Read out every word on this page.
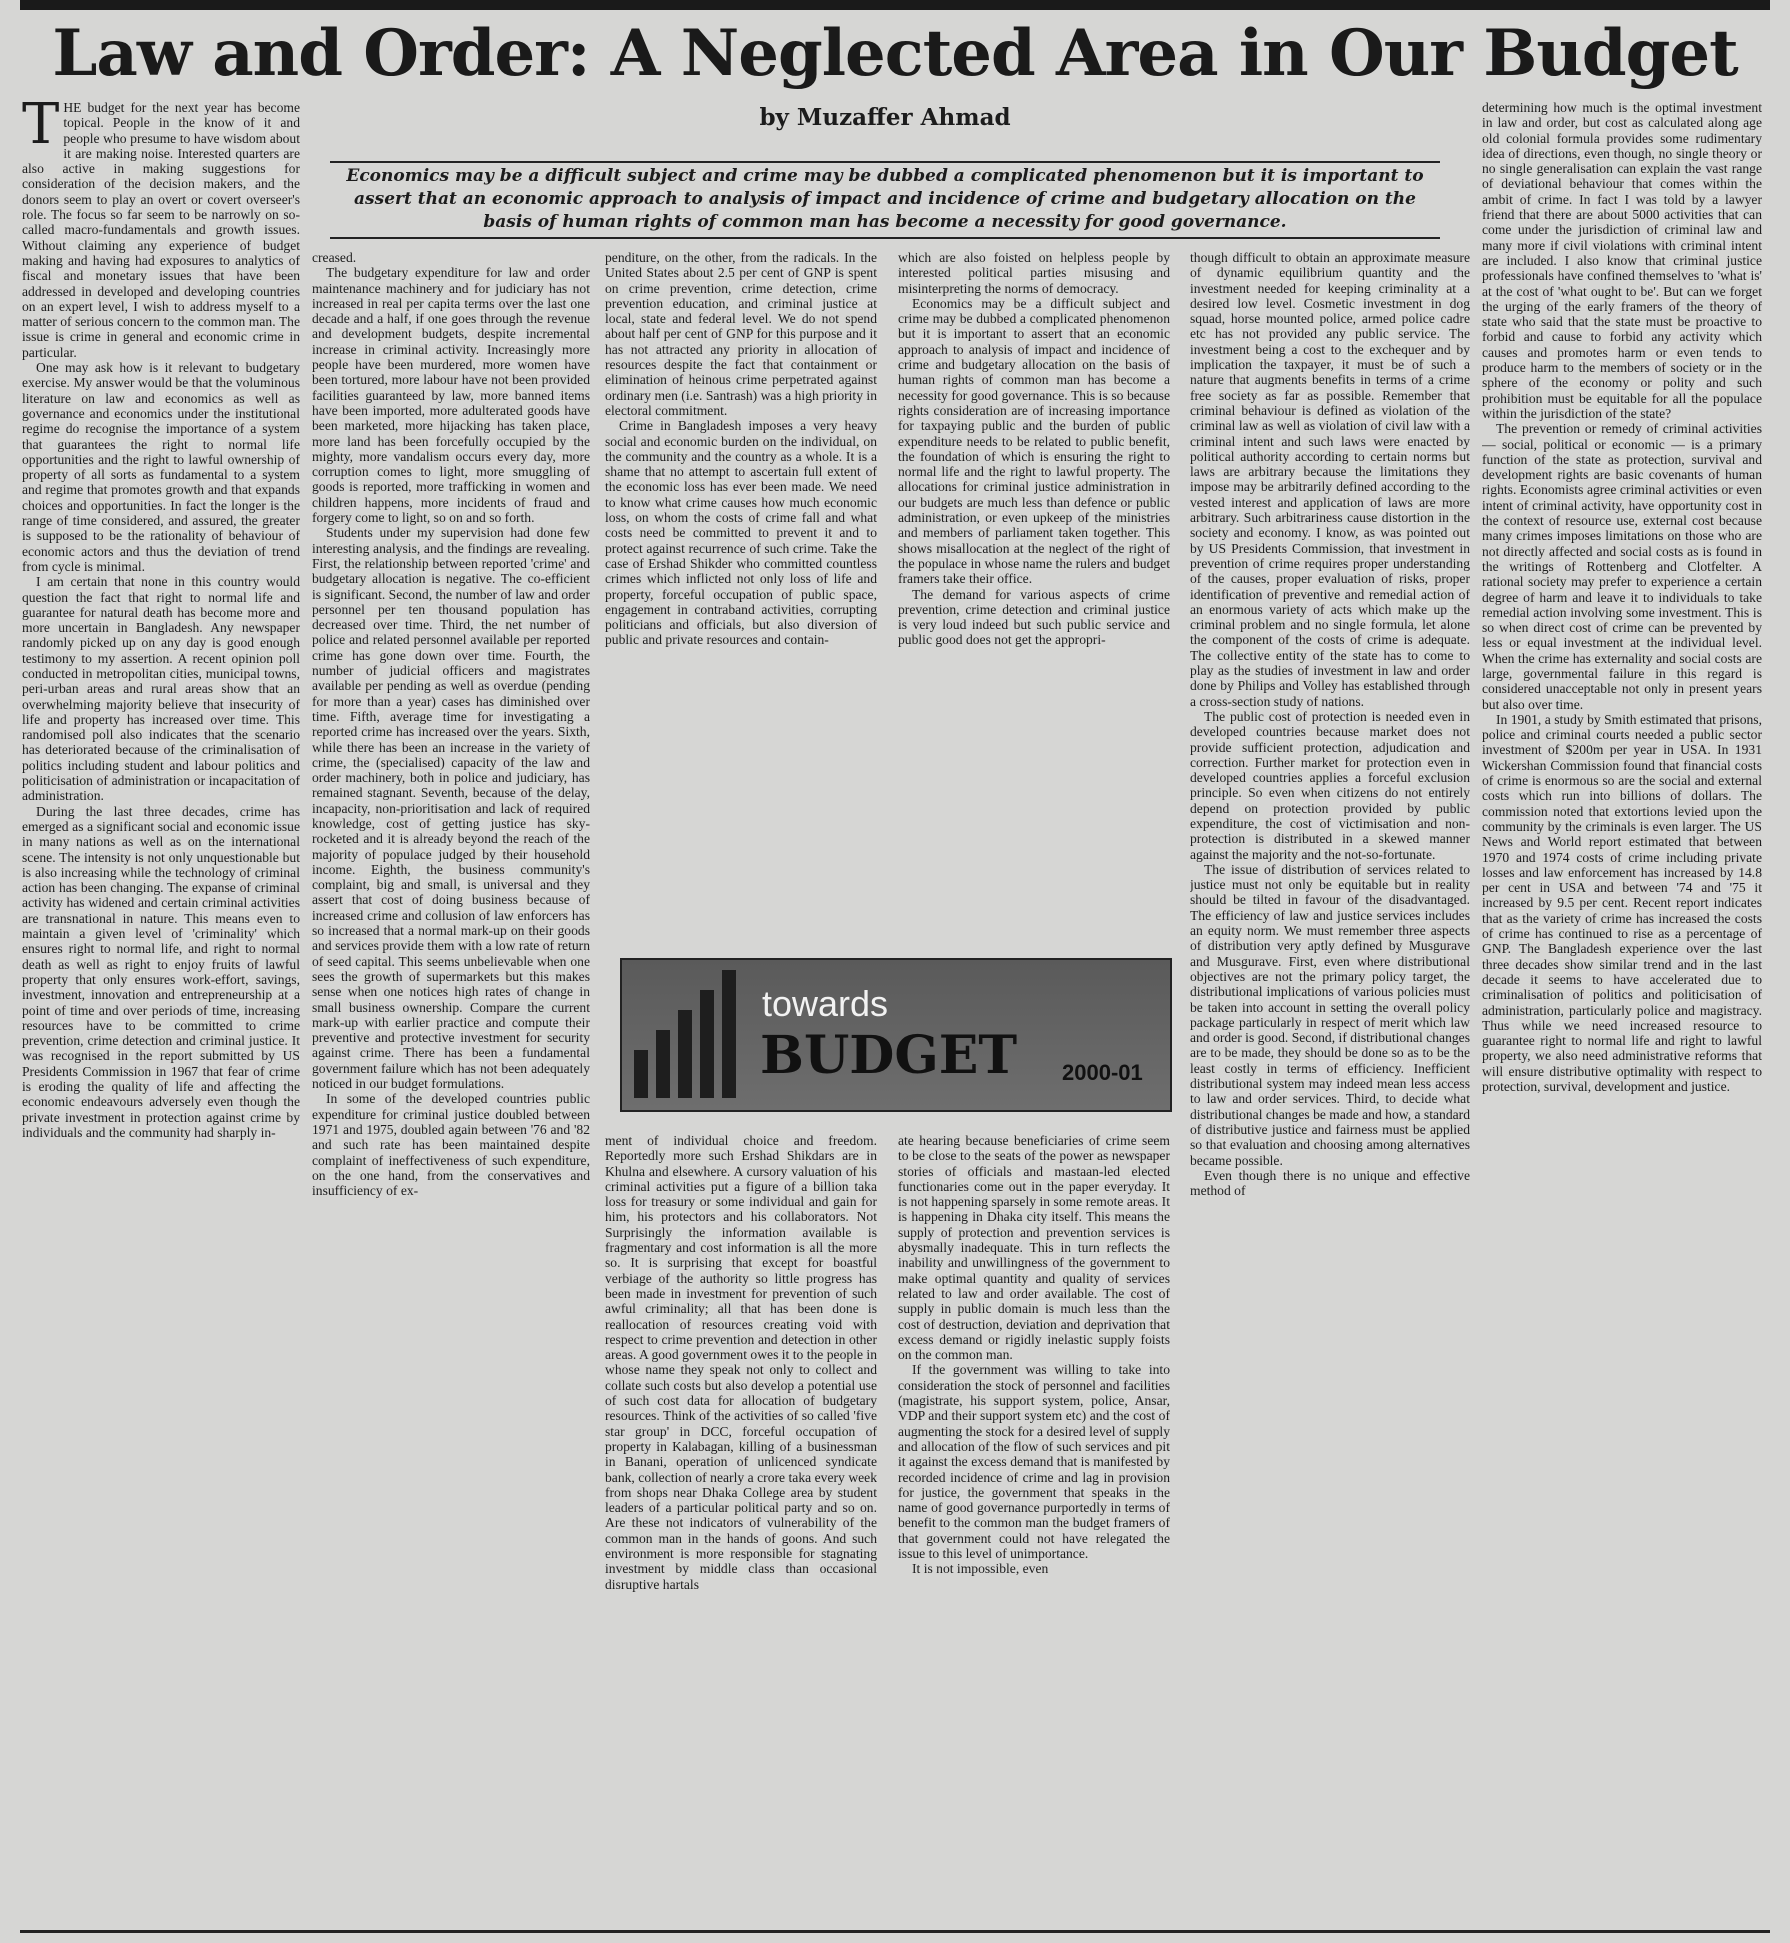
Law and Order: A Neglected Area in Our Budget

by Muzaffer Ahmad

Economics may be a difficult subject and crime may be dubbed a complicated phenomenon but it is important to assert that an economic approach to analysis of impact and incidence of crime and budgetary allocation on the basis of human rights of common man has become a necessity for good governance.

T HE budget for the next year has become topical. People in the know of it and people who presume to have wisdom about it are making noise. Interested quarters are also active in making suggestions for consideration of the decision makers, and the donors seem to play an overt or covert overseer's role. The focus so far seem to be narrowly on so-called macro-fundamentals and growth issues. Without claiming any experience of budget making and having had exposures to analytics of fiscal and monetary issues that have been addressed in developed and developing countries on an expert level, I wish to address myself to a matter of serious concern to the common man. The issue is crime in general and economic crime in particular.

One may ask how is it relevant to budgetary exercise. My answer would be that the voluminous literature on law and economics as well as governance and economics under the institutional regime do recognise the importance of a system that guarantees the right to normal life opportunities and the right to lawful ownership of property of all sorts as fundamental to a system and regime that promotes growth and that expands choices and opportunities. In fact the longer is the range of time considered, and assured, the greater is supposed to be the rationality of behaviour of economic actors and thus the deviation of trend from cycle is minimal.

I am certain that none in this country would question the fact that right to normal life and guarantee for natural death has become more and more uncertain in Bangladesh. Any newspaper randomly picked up on any day is good enough testimony to my assertion. A recent opinion poll conducted in metropolitan cities, municipal towns, peri-urban areas and rural areas show that an overwhelming majority believe that insecurity of life and property has increased over time. This randomised poll also indicates that the scenario has deteriorated because of the criminalisation of politics including student and labour politics and politicisation of administration or incapacitation of administration.

During the last three decades, crime has emerged as a significant social and economic issue in many nations as well as on the international scene. The intensity is not only unquestionable but is also increasing while the technology of criminal action has been changing. The expanse of criminal activity has widened and certain criminal activities are transnational in nature. This means even to maintain a given level of 'criminality' which ensures right to normal life, and right to normal death as well as right to enjoy fruits of lawful property that only ensures work-effort, savings, investment, innovation and entrepreneurship at a point of time and over periods of time, increasing resources have to be committed to crime prevention, crime detection and criminal justice. It was recognised in the report submitted by US Presidents Commission in 1967 that fear of crime is eroding the quality of life and affecting the economic endeavours adversely even though the private investment in protection against crime by individuals and the community had sharply in-

creased.

The budgetary expenditure for law and order maintenance machinery and for judiciary has not increased in real per capita terms over the last one decade and a half, if one goes through the revenue and development budgets, despite incremental increase in criminal activity. Increasingly more people have been murdered, more women have been tortured, more labour have not been provided facilities guaranteed by law, more banned items have been imported, more adulterated goods have been marketed, more hijacking has taken place, more land has been forcefully occupied by the mighty, more vandalism occurs every day, more corruption comes to light, more smuggling of goods is reported, more trafficking in women and children happens, more incidents of fraud and forgery come to light, so on and so forth.

Students under my supervision had done few interesting analysis, and the findings are revealing. First, the relationship between reported 'crime' and budgetary allocation is negative. The co-efficient is significant. Second, the number of law and order personnel per ten thousand population has decreased over time. Third, the net number of police and related personnel available per reported crime has gone down over time. Fourth, the number of judicial officers and magistrates available per pending as well as overdue (pending for more than a year) cases has diminished over time. Fifth, average time for investigating a reported crime has increased over the years. Sixth, while there has been an increase in the variety of crime, the (specialised) capacity of the law and order machinery, both in police and judiciary, has remained stagnant. Seventh, because of the delay, incapacity, non-prioritisation and lack of required knowledge, cost of getting justice has sky-rocketed and it is already beyond the reach of the majority of populace judged by their household income. Eighth, the business community's complaint, big and small, is universal and they assert that cost of doing business because of increased crime and collusion of law enforcers has so increased that a normal mark-up on their goods and services provide them with a low rate of return of seed capital. This seems unbelievable when one sees the growth of supermarkets but this makes sense when one notices high rates of change in small business ownership. Compare the current mark-up with earlier practice and compute their preventive and protective investment for security against crime. There has been a fundamental government failure which has not been adequately noticed in our budget formulations.

In some of the developed countries public expenditure for criminal justice doubled between 1971 and 1975, doubled again between '76 and '82 and such rate has been maintained despite complaint of ineffectiveness of such expenditure, on the one hand, from the conservatives and insufficiency of ex-

penditure, on the other, from the radicals. In the United States about 2.5 per cent of GNP is spent on crime prevention, crime detection, crime prevention education, and criminal justice at local, state and federal level. We do not spend about half per cent of GNP for this purpose and it has not attracted any priority in allocation of resources despite the fact that containment or elimination of heinous crime perpetrated against ordinary men (i.e. Santrash) was a high priority in electoral commitment.

Crime in Bangladesh imposes a very heavy social and economic burden on the individual, on the community and the country as a whole. It is a shame that no attempt to ascertain full extent of the economic loss has ever been made. We need to know what crime causes how much economic loss, on whom the costs of crime fall and what costs need be committed to prevent it and to protect against recurrence of such crime. Take the case of Ershad Shikder who committed countless crimes which inflicted not only loss of life and property, forceful occupation of public space, engagement in contraband activities, corrupting politicians and officials, but also diversion of public and private resources and contain-

which are also foisted on helpless people by interested political parties misusing and misinterpreting the norms of democracy.

Economics may be a difficult subject and crime may be dubbed a complicated phenomenon but it is important to assert that an economic approach to analysis of impact and incidence of crime and budgetary allocation on the basis of human rights of common man has become a necessity for good governance. This is so because rights consideration are of increasing importance for taxpaying public and the burden of public expenditure needs to be related to public benefit, the foundation of which is ensuring the right to normal life and the right to lawful property. The allocations for criminal justice administration in our budgets are much less than defence or public administration, or even upkeep of the ministries and members of parliament taken together. This shows misallocation at the neglect of the right of the populace in whose name the rulers and budget framers take their office.

The demand for various aspects of crime prevention, crime detection and criminal justice is very loud indeed but such public service and public good does not get the appropri-

towards

BUDGET 2000-01

ment of individual choice and freedom. Reportedly more such Ershad Shikdars are in Khulna and elsewhere. A cursory valuation of his criminal activities put a figure of a billion taka loss for treasury or some individual and gain for him, his protectors and his collaborators. Not Surprisingly the information available is fragmentary and cost information is all the more so. It is surprising that except for boastful verbiage of the authority so little progress has been made in investment for prevention of such awful criminality; all that has been done is reallocation of resources creating void with respect to crime prevention and detection in other areas. A good government owes it to the people in whose name they speak not only to collect and collate such costs but also develop a potential use of such cost data for allocation of budgetary resources. Think of the activities of so called 'five star group' in DCC, forceful occupation of property in Kalabagan, killing of a businessman in Banani, operation of unlicenced syndicate bank, collection of nearly a crore taka every week from shops near Dhaka College area by student leaders of a particular political party and so on. Are these not indicators of vulnerability of the common man in the hands of goons. And such environment is more responsible for stagnating investment by middle class than occasional disruptive hartals

ate hearing because beneficiaries of crime seem to be close to the seats of the power as newspaper stories of officials and mastaan-led elected functionaries come out in the paper everyday. It is not happening sparsely in some remote areas. It is happening in Dhaka city itself. This means the supply of protection and prevention services is abysmally inadequate. This in turn reflects the inability and unwillingness of the government to make optimal quantity and quality of services related to law and order available. The cost of supply in public domain is much less than the cost of destruction, deviation and deprivation that excess demand or rigidly inelastic supply foists on the common man.

If the government was willing to take into consideration the stock of personnel and facilities (magistrate, his support system, police, Ansar, VDP and their support system etc) and the cost of augmenting the stock for a desired level of supply and allocation of the flow of such services and pit it against the excess demand that is manifested by recorded incidence of crime and lag in provision for justice, the government that speaks in the name of good governance purportedly in terms of benefit to the common man the budget framers of that government could not have relegated the issue to this level of unimportance.

It is not impossible, even

though difficult to obtain an approximate measure of dynamic equilibrium quantity and the investment needed for keeping criminality at a desired low level. Cosmetic investment in dog squad, horse mounted police, armed police cadre etc has not provided any public service. The investment being a cost to the exchequer and by implication the taxpayer, it must be of such a nature that augments benefits in terms of a crime free society as far as possible. Remember that criminal behaviour is defined as violation of the criminal law as well as violation of civil law with a criminal intent and such laws were enacted by political authority according to certain norms but laws are arbitrary because the limitations they impose may be arbitrarily defined according to the vested interest and application of laws are more arbitrary. Such arbitrariness cause distortion in the society and economy. I know, as was pointed out by US Presidents Commission, that investment in prevention of crime requires proper understanding of the causes, proper evaluation of risks, proper identification of preventive and remedial action of an enormous variety of acts which make up the criminal problem and no single formula, let alone the component of the costs of crime is adequate. The collective entity of the state has to come to play as the studies of investment in law and order done by Philips and Volley has established through a cross-section study of nations.

The public cost of protection is needed even in developed countries because market does not provide sufficient protection, adjudication and correction. Further market for protection even in developed countries applies a forceful exclusion principle. So even when citizens do not entirely depend on protection provided by public expenditure, the cost of victimisation and non-protection is distributed in a skewed manner against the majority and the not-so-fortunate.

The issue of distribution of services related to justice must not only be equitable but in reality should be tilted in favour of the disadvantaged. The efficiency of law and justice services includes an equity norm. We must remember three aspects of distribution very aptly defined by Musgurave and Musgurave. First, even where distributional objectives are not the primary policy target, the distributional implications of various policies must be taken into account in setting the overall policy package particularly in respect of merit which law and order is good. Second, if distributional changes are to be made, they should be done so as to be the least costly in terms of efficiency. Inefficient distributional system may indeed mean less access to law and order services. Third, to decide what distributional changes be made and how, a standard of distributive justice and fairness must be applied so that evaluation and choosing among alternatives became possible.

Even though there is no unique and effective method of

determining how much is the optimal investment in law and order, but cost as calculated along age old colonial formula provides some rudimentary idea of directions, even though, no single theory or no single generalisation can explain the vast range of deviational behaviour that comes within the ambit of crime. In fact I was told by a lawyer friend that there are about 5000 activities that can come under the jurisdiction of criminal law and many more if civil violations with criminal intent are included. I also know that criminal justice professionals have confined themselves to 'what is' at the cost of 'what ought to be'. But can we forget the urging of the early framers of the theory of state who said that the state must be proactive to forbid and cause to forbid any activity which causes and promotes harm or even tends to produce harm to the members of society or in the sphere of the economy or polity and such prohibition must be equitable for all the populace within the jurisdiction of the state?

The prevention or remedy of criminal activities — social, political or economic — is a primary function of the state as protection, survival and development rights are basic covenants of human rights. Economists agree criminal activities or even intent of criminal activity, have opportunity cost in the context of resource use, external cost because many crimes imposes limitations on those who are not directly affected and social costs as is found in the writings of Rottenberg and Clotfelter. A rational society may prefer to experience a certain degree of harm and leave it to individuals to take remedial action involving some investment. This is so when direct cost of crime can be prevented by less or equal investment at the individual level. When the crime has externality and social costs are large, governmental failure in this regard is considered unacceptable not only in present years but also over time.

In 1901, a study by Smith estimated that prisons, police and criminal courts needed a public sector investment of $200m per year in USA. In 1931 Wickershan Commission found that financial costs of crime is enormous so are the social and external costs which run into billions of dollars. The commission noted that extortions levied upon the community by the criminals is even larger. The US News and World report estimated that between 1970 and 1974 costs of crime including private losses and law enforcement has increased by 14.8 per cent in USA and between '74 and '75 it increased by 9.5 per cent. Recent report indicates that as the variety of crime has increased the costs of crime has continued to rise as a percentage of GNP. The Bangladesh experience over the last three decades show similar trend and in the last decade it seems to have accelerated due to criminalisation of politics and politicisation of administration, particularly police and magistracy. Thus while we need increased resource to guarantee right to normal life and right to lawful property, we also need administrative reforms that will ensure distributive optimality with respect to protection, survival, development and justice.
